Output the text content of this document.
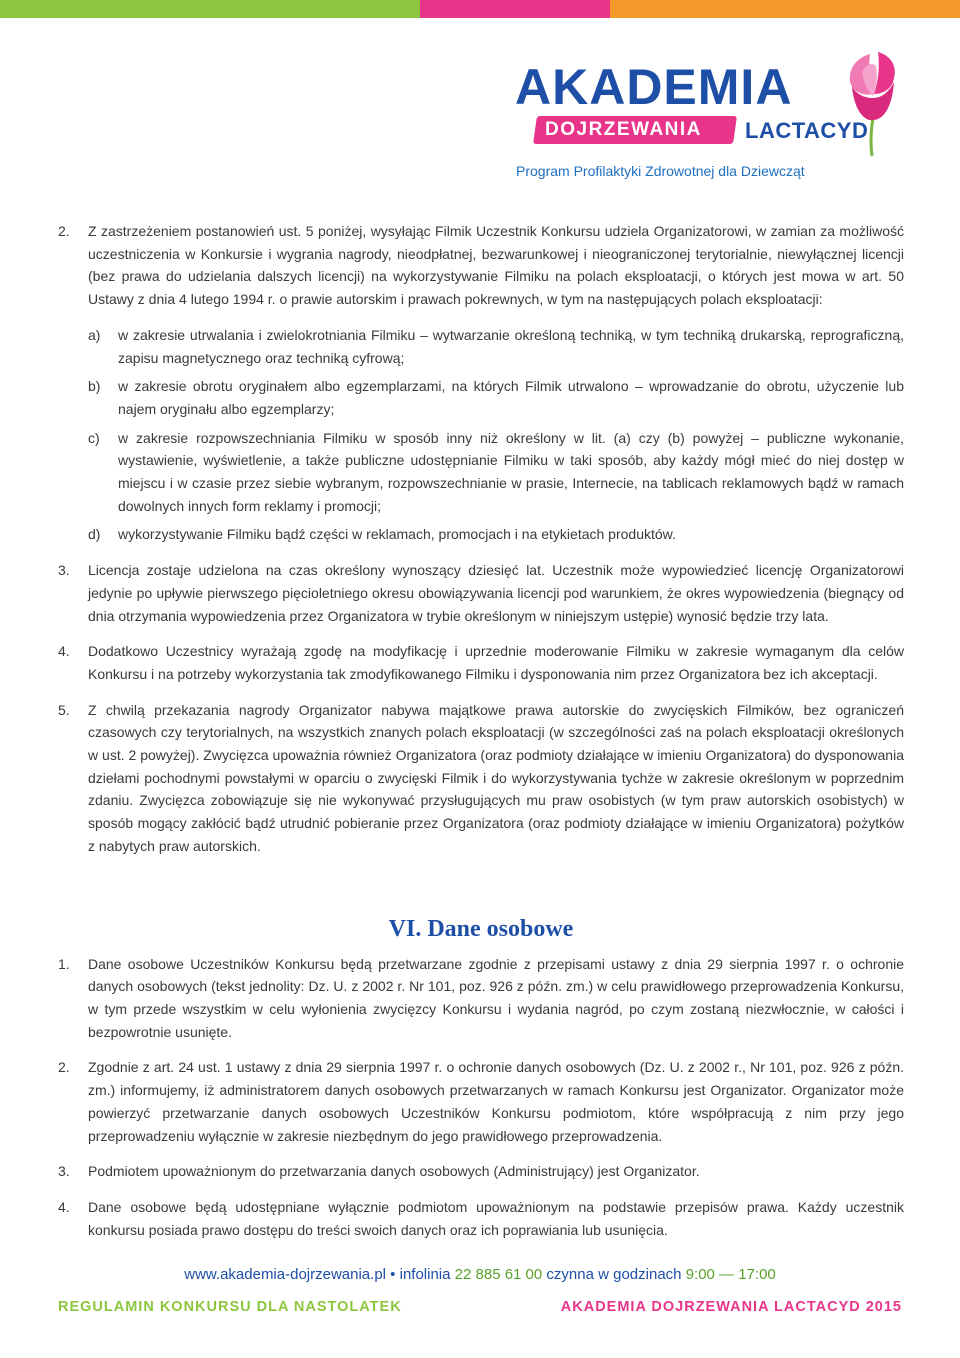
AKADEMIA
DOJRZEWANIA	LACTACYD
Program Profilaktyki Zdrowotnej dla Dziewcząt

2. Z zastrzeżeniem postanowień ust. 5 poniżej, wysyłając Filmik Uczestnik Konkursu udziela Organizatorowi, w zamian za możliwość uczestniczenia w Konkursie i wygrania nagrody, nieodpłatnej, bezwarunkowej i nieograniczonej terytorialnie, niewyłącznej licencji (bez prawa do udzielania dalszych licencji) na wykorzystywanie Filmiku na polach eksploatacji, o których jest mowa w art. 50 Ustawy z dnia 4 lutego 1994 r. o prawie autorskim i prawach pokrewnych, w tym na następujących polach eksploatacji:

a) w zakresie utrwalania i zwielokrotniania Filmiku – wytwarzanie określoną techniką, w tym techniką drukarską, reprograficzną, zapisu magnetycznego oraz techniką cyfrową;

b) w zakresie obrotu oryginałem albo egzemplarzami, na których Filmik utrwalono – wprowadzanie do obrotu, użyczenie lub najem oryginału albo egzemplarzy;

c) w zakresie rozpowszechniania Filmiku w sposób inny niż określony w lit. (a) czy (b) powyżej – publiczne wykonanie, wystawienie, wyświetlenie, a także publiczne udostępnianie Filmiku w taki sposób, aby każdy mógł mieć do niej dostęp w miejscu i w czasie przez siebie wybranym, rozpowszechnianie w prasie, Internecie, na tablicach reklamowych bądź w ramach dowolnych innych form reklamy i promocji;

d) wykorzystywanie Filmiku bądź części w reklamach, promocjach i na etykietach produktów.

3. Licencja zostaje udzielona na czas określony wynoszący dziesięć lat. Uczestnik może wypowiedzieć licencję Organizatorowi jedynie po upływie pierwszego pięcioletniego okresu obowiązywania licencji pod warunkiem, że okres wypowiedzenia (biegnący od dnia otrzymania wypowiedzenia przez Organizatora w trybie określonym w niniejszym ustępie) wynosić będzie trzy lata.

4. Dodatkowo Uczestnicy wyrażają zgodę na modyfikację i uprzednie moderowanie Filmiku w zakresie wymaganym dla celów Konkursu i na potrzeby wykorzystania tak zmodyfikowanego Filmiku i dysponowania nim przez Organizatora bez ich akceptacji.

5. Z chwilą przekazania nagrody Organizator nabywa majątkowe prawa autorskie do zwycięskich Filmików, bez ograniczeń czasowych czy terytorialnych, na wszystkich znanych polach eksploatacji (w szczególności zaś na polach eksploatacji określonych w ust. 2 powyżej). Zwycięzca upoważnia również Organizatora (oraz podmioty działające w imieniu Organizatora) do dysponowania dziełami pochodnymi powstałymi w oparciu o zwycięski Filmik i do wykorzystywania tychże w zakresie określonym w poprzednim zdaniu. Zwycięzca zobowiązuje się nie wykonywać przysługujących mu praw osobistych (w tym praw autorskich osobistych) w sposób mogący zakłócić bądź utrudnić pobieranie przez Organizatora (oraz podmioty działające w imieniu Organizatora) pożytków z nabytych praw autorskich.

VI. Dane osobowe

1. Dane osobowe Uczestników Konkursu będą przetwarzane zgodnie z przepisami ustawy z dnia 29 sierpnia 1997 r. o ochronie danych osobowych (tekst jednolity: Dz. U. z 2002 r. Nr 101, poz. 926 z późn. zm.) w celu prawidłowego przeprowadzenia Konkursu, w tym przede wszystkim w celu wyłonienia zwycięzcy Konkursu i wydania nagród, po czym zostaną niezwłocznie, w całości i bezpowrotnie usunięte.

2. Zgodnie z art. 24 ust. 1 ustawy z dnia 29 sierpnia 1997 r. o ochronie danych osobowych (Dz. U. z 2002 r., Nr 101, poz. 926 z późn. zm.) informujemy, iż administratorem danych osobowych przetwarzanych w ramach Konkursu jest Organizator. Organizator może powierzyć przetwarzanie danych osobowych Uczestników Konkursu podmiotom, które współpracują z nim przy jego przeprowadzeniu wyłącznie w zakresie niezbędnym do jego prawidłowego przeprowadzenia.

3. Podmiotem upoważnionym do przetwarzania danych osobowych (Administrujący) jest Organizator.

4. Dane osobowe będą udostępniane wyłącznie podmiotom upoważnionym na podstawie przepisów prawa. Każdy uczestnik konkursu posiada prawo dostępu do treści swoich danych oraz ich poprawiania lub usunięcia.

www.akademia-dojrzewania.pl • infolinia 22 885 61 00 czynna w godzinach 9:00 — 17:00
REGULAMIN KONKURSU DLA NASTOLATEK	AKADEMIA DOJRZEWANIA LACTACYD 2015
